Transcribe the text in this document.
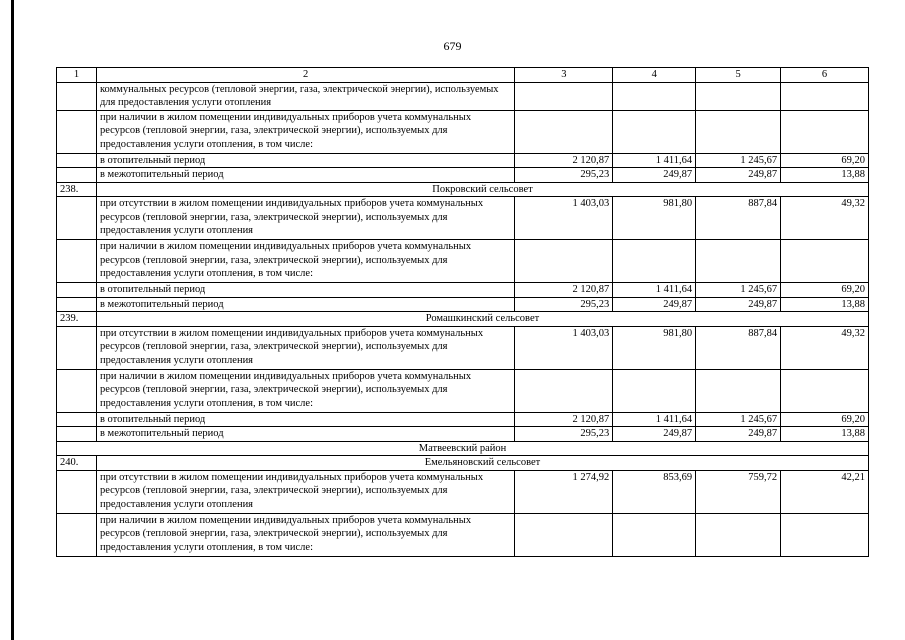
679
1	2	3	4	5	6
	коммунальных ресурсов (тепловой энергии, газа, электрической энергии), используемых для предоставления услуги отопления				
	при наличии в жилом помещении индивидуальных приборов учета коммунальных ресурсов (тепловой энергии, газа, электрической энергии), используемых для предоставления услуги отопления, в том числе:				
	в отопительный период	2 120,87	1 411,64	1 245,67	69,20
	в межотопительный период	295,23	249,87	249,87	13,88
238.	Покровский сельсовет				
	при отсутствии в жилом помещении индивидуальных приборов учета коммунальных ресурсов (тепловой энергии, газа, электрической энергии), используемых для предоставления услуги отопления	1 403,03	981,80	887,84	49,32
	при наличии в жилом помещении индивидуальных приборов учета коммунальных ресурсов (тепловой энергии, газа, электрической энергии), используемых для предоставления услуги отопления, в том числе:				
	в отопительный период	2 120,87	1 411,64	1 245,67	69,20
	в межотопительный период	295,23	249,87	249,87	13,88
239.	Ромашкинский сельсовет				
	при отсутствии в жилом помещении индивидуальных приборов учета коммунальных ресурсов (тепловой энергии, газа, электрической энергии), используемых для предоставления услуги отопления	1 403,03	981,80	887,84	49,32
	при наличии в жилом помещении индивидуальных приборов учета коммунальных ресурсов (тепловой энергии, газа, электрической энергии), используемых для предоставления услуги отопления, в том числе:				
	в отопительный период	2 120,87	1 411,64	1 245,67	69,20
	в межотопительный период	295,23	249,87	249,87	13,88
Матвеевский район					
240.	Емельяновский сельсовет				
	при отсутствии в жилом помещении индивидуальных приборов учета коммунальных ресурсов (тепловой энергии, газа, электрической энергии), используемых для предоставления услуги отопления	1 274,92	853,69	759,72	42,21
	при наличии в жилом помещении индивидуальных приборов учета коммунальных ресурсов (тепловой энергии, газа, электрической энергии), используемых для предоставления услуги отопления, в том числе:				
